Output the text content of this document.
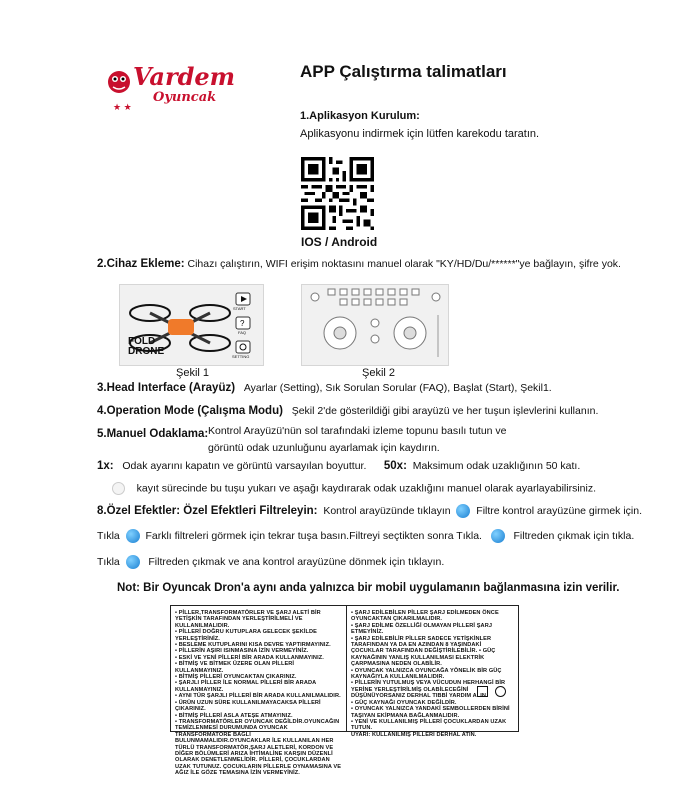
★ ★
Vardem
Oyuncak
APP Çalıştırma talimatları
1.Aplikasyon Kurulum:
Aplikasyonu indirmek için lütfen karekodu taratın.
IOS / Android
2.Cihaz Ekleme: Cihazı çalıştırın, WIFI erişim noktasını manuel olarak "KY/HD/Du/******"ye bağlayın, şifre yok.
?
FOLD
DRONE
START
FAQ
SETTING
Şekil 1	Şekil 2
3.Head Interface (Arayüz) Ayarlar (Setting), Sık Sorulan Sorular (FAQ), Başlat (Start), Şekil1.
4.Operation Mode (Çalışma Modu) Şekil 2'de gösterildiği gibi arayüzü ve her tuşun işlevlerini kullanın.
5.Manuel Odaklama: Kontrol Arayüzü'nün sol tarafındaki izleme topunu basılı tutun ve
görüntü odak uzunluğunu ayarlamak için kaydırın.
1x: Odak ayarını kapatın ve görüntü varsayılan boyuttur. 50x: Maksimum odak uzaklığının 50 katı.
kayıt sürecinde bu tuşu yukarı ve aşağı kaydırarak odak uzaklığını manuel olarak ayarlayabilirsiniz.
8.Özel Efektler: Özel Efektleri Filtreleyin: Kontrol arayüzünde tıklayın Filtre kontrol arayüzüne girmek için.
Tıkla Farklı filtreleri görmek için tekrar tuşa basın.Filtreyi seçtikten sonra Tıkla.	Filtreden çıkmak için tıkla.
Tıkla	Filtreden çıkmak ve ana kontrol arayüzüne dönmek için tıklayın.
Not: Bir Oyuncak Dron'a aynı anda yalnızca bir mobil uygulamanın bağlanmasına izin verilir.
• PİLLER,TRANSFORMATÖRLER VE ŞARJ ALETİ BİR YETİŞKİN TARAFINDAN YERLEŞTİRİLMELİ VE KULLANILMALIDIR.
• PİLLERİ DOĞRU KUTUPLARA GELECEK ŞEKİLDE YERLEŞTİRİNİZ.
• BESLEME KUTUPLARINI KISA DEVRE YAPTIRMAYINIZ.
• PİLLERİN AŞIRI ISINMASINA İZİN VERMEYİNİZ.
• ESKİ VE YENİ PİLLERİ BİR ARADA KULLANMAYINIZ.
• BİTMİŞ VE BİTMEK ÜZERE OLAN PİLLERİ KULLANMAYINIZ.
• BİTMİŞ PİLLERİ OYUNCAKTAN ÇIKARINIZ.
• ŞARJLI PİLLER İLE NORMAL PİLLERİ BİR ARADA KULLANMAYINIZ.
• AYNI TÜR ŞARJLI PİLLERİ BİR ARADA KULLANILMALIDIR.
• ÜRÜN UZUN SÜRE KULLANILMAYACAKSA PİLLERİ ÇIKARINIZ.
• BİTMİŞ PİLLERİ ASLA ATEŞE ATMAYINIZ.
• TRANSFORMATÖRLER OYUNCAK DEĞİLDİR.OYUNCAĞIN TEMİZLENMESİ DURUMUNDA OYUNCAK TRANSFORMATÖRE BAĞLI BULUNMAMALIDIR.OYUNCAKLAR İLE KULLANILAN HER TÜRLÜ TRANSFORMATÖR,ŞARJ ALETLERİ, KORDON VE DİĞER BÖLÜMLERİ ARIZA İHTİMALİNE KARŞIN DÜZENLİ OLARAK DENETLENMELİDİR. PİLLERİ, ÇOCUKLARDAN UZAK TUTUNUZ. ÇOCUKLARIN PİLLERLE OYNAMASINA VE AĞIZ İLE GÖZE TEMASINA İZİN VERMEYİNİZ.
• ŞARJ EDİLEBİLEN PİLLER ŞARJ EDİLMEDEN ÖNCE OYUNCAKTAN ÇIKARILMALIDIR.
• ŞARJ EDİLME ÖZELLİĞİ OLMAYAN PİLLERİ ŞARJ ETMEYİNİZ.
• ŞARJ EDİLEBİLİR PİLLER SADECE YETİŞKİNLER TARAFINDAN YA DA EN AZINDAN 8 YAŞINDAKİ ÇOCUKLAR TARAFINDAN DEĞİŞTİRİLEBİLİR. • GÜÇ KAYNAĞININ YANLIŞ KULLANILMASI ELEKTRİK ÇARPMASINA NEDEN OLABİLİR.
• OYUNCAK YALNIZCA OYUNCAĞA YÖNELİK BİR GÜÇ KAYNAĞIYLA KULLANILMALIDIR.
• PİLLERİN YUTULMUŞ VEYA VÜCUDUN HERHANGİ BİR YERİNE YERLEŞTİRİLMİŞ OLABİLECEĞİNİ DÜŞÜNÜYORSANIZ DERHAL TIBBİ YARDIM ALIN.
• GÜÇ KAYNAĞI OYUNCAK DEĞİLDİR.
• OYUNCAK YALNIZCA YANDAKİ SEMBOLLERDEN BİRİNİ TAŞIYAN EKİPMANA BAĞLANMALIDIR.
• YENİ VE KULLANILMIŞ PİLLERİ ÇOCUKLARDAN UZAK TUTUN.
UYARI: KULLANILMIŞ PİLLERİ DERHAL ATIN.
